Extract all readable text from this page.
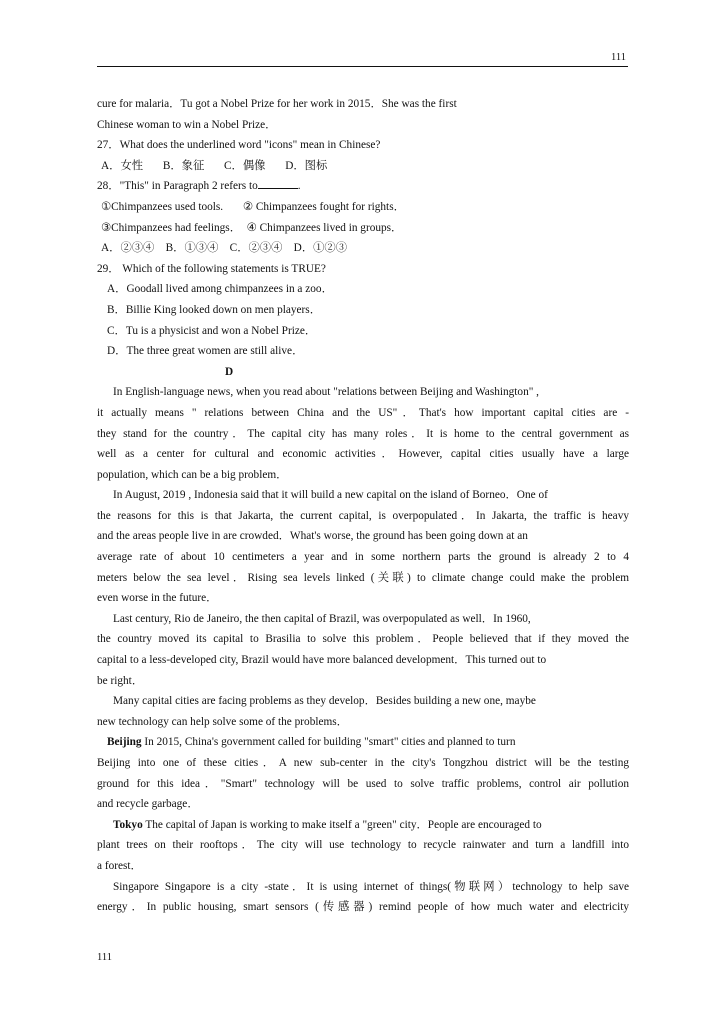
111
cure for malaria．Tu got a Nobel Prize for her work in 2015．She was the first
Chinese woman to win a Nobel Prize．
27．What does the underlined word "icons" mean in Chinese?
A．女性       B．象征       C．偶像       D．图标
28．"This" in Paragraph 2 refers to	.
①Chimpanzees used tools.       ② Chimpanzees fought for rights．
③Chimpanzees had feelings．  ④ Chimpanzees lived in groups．
A．②③④    B．①③④    C．②③④    D．①②③
29． Which of the following statements is TRUE?
A．Goodall lived among chimpanzees in a zoo．
B．Billie King looked down on men players．
C．Tu is a physicist and won a Nobel Prize．
D．The three great women are still alive．
D
In English-language news, when you read about "relations between Beijing and Washington" ,
it actually means " relations between China and the US"．That's how important capital cities are -
they stand for the country．The capital city has many roles．It is home to the central government as
well as a center for cultural and economic activities．However, capital cities usually have a large
population, which can be a big problem．
In August, 2019 , Indonesia said that it will build a new capital on the island of Borneo．One of
the reasons for this is that Jakarta, the current capital, is overpopulated．In Jakarta, the traffic is heavy
and the areas people live in are crowded．What's worse, the ground has been going down at an
average rate of about 10 centimeters a year and in some northern parts the ground is already 2 to 4
meters below the sea level．Rising sea levels linked (关联) to climate change could make the problem
even worse in the future．
Last century, Rio de Janeiro, the then capital of Brazil, was overpopulated as well．In 1960,
the country moved its capital to Brasilia to solve this problem．People believed that if they moved the
capital to a less-developed city, Brazil would have more balanced development．This turned out to
be right．
Many capital cities are facing problems as they develop．Besides building a new one, maybe
new technology can help solve some of the problems．
Beijing In 2015, China's government called for building "smart" cities and planned to turn
Beijing into one of these cities．A new sub-center in the city's Tongzhou district will be the testing
ground for this idea．"Smart" technology will be used to solve traffic problems, control air pollution
and recycle garbage．
Tokyo The capital of Japan is working to make itself a "green" city．People are encouraged to
plant trees on their rooftops．The city will use technology to recycle rainwater and turn a landfill into
a forest．
Singapore Singapore is a city -state．It is using internet of things(物联网）technology to help save
energy．In public housing, smart sensors (传感器) remind people of how much water and electricity
111
